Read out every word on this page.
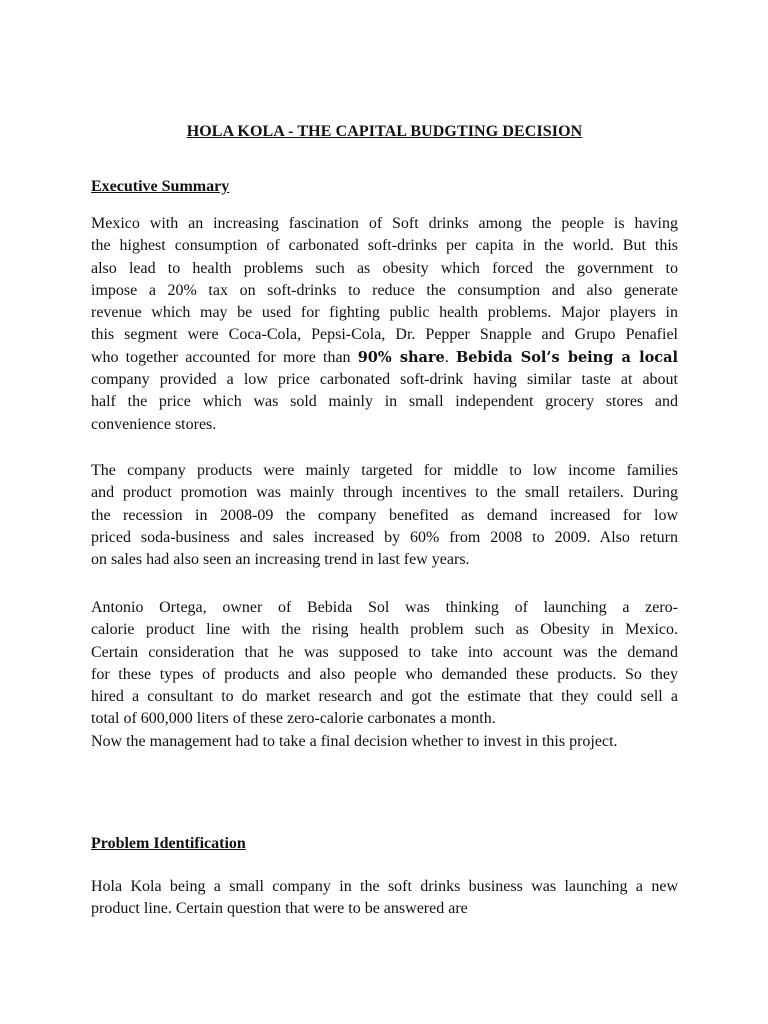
HOLA KOLA - THE CAPITAL BUDGTING DECISION
Executive Summary
Mexico with an increasing fascination of Soft drinks among the people is having
the highest consumption of carbonated soft-drinks per capita in the world. But this
also lead to health problems such as obesity which forced the government to
impose a 20% tax on soft-drinks to reduce the consumption and also generate
revenue which may be used for fighting public health problems. Major players in
this segment were Coca-Cola, Pepsi-Cola, Dr. Pepper Snapple and Grupo Penafiel
who together accounted for more than 90% share. Bebida Sol’s being a local
company provided a low price carbonated soft-drink having similar taste at about
half the price which was sold mainly in small independent grocery stores and
convenience stores.
The company products were mainly targeted for middle to low income families
and product promotion was mainly through incentives to the small retailers. During
the recession in 2008-09 the company benefited as demand increased for low
priced soda-business and sales increased by 60% from 2008 to 2009. Also return
on sales had also seen an increasing trend in last few years.
Antonio Ortega, owner of Bebida Sol was thinking of launching a zero-
calorie product line with the rising health problem such as Obesity in Mexico.
Certain consideration that he was supposed to take into account was the demand
for these types of products and also people who demanded these products. So they
hired a consultant to do market research and got the estimate that they could sell a
total of 600,000 liters of these zero-calorie carbonates a month.
Now the management had to take a final decision whether to invest in this project.
Problem Identification
Hola Kola being a small company in the soft drinks business was launching a new
product line. Certain question that were to be answered are
